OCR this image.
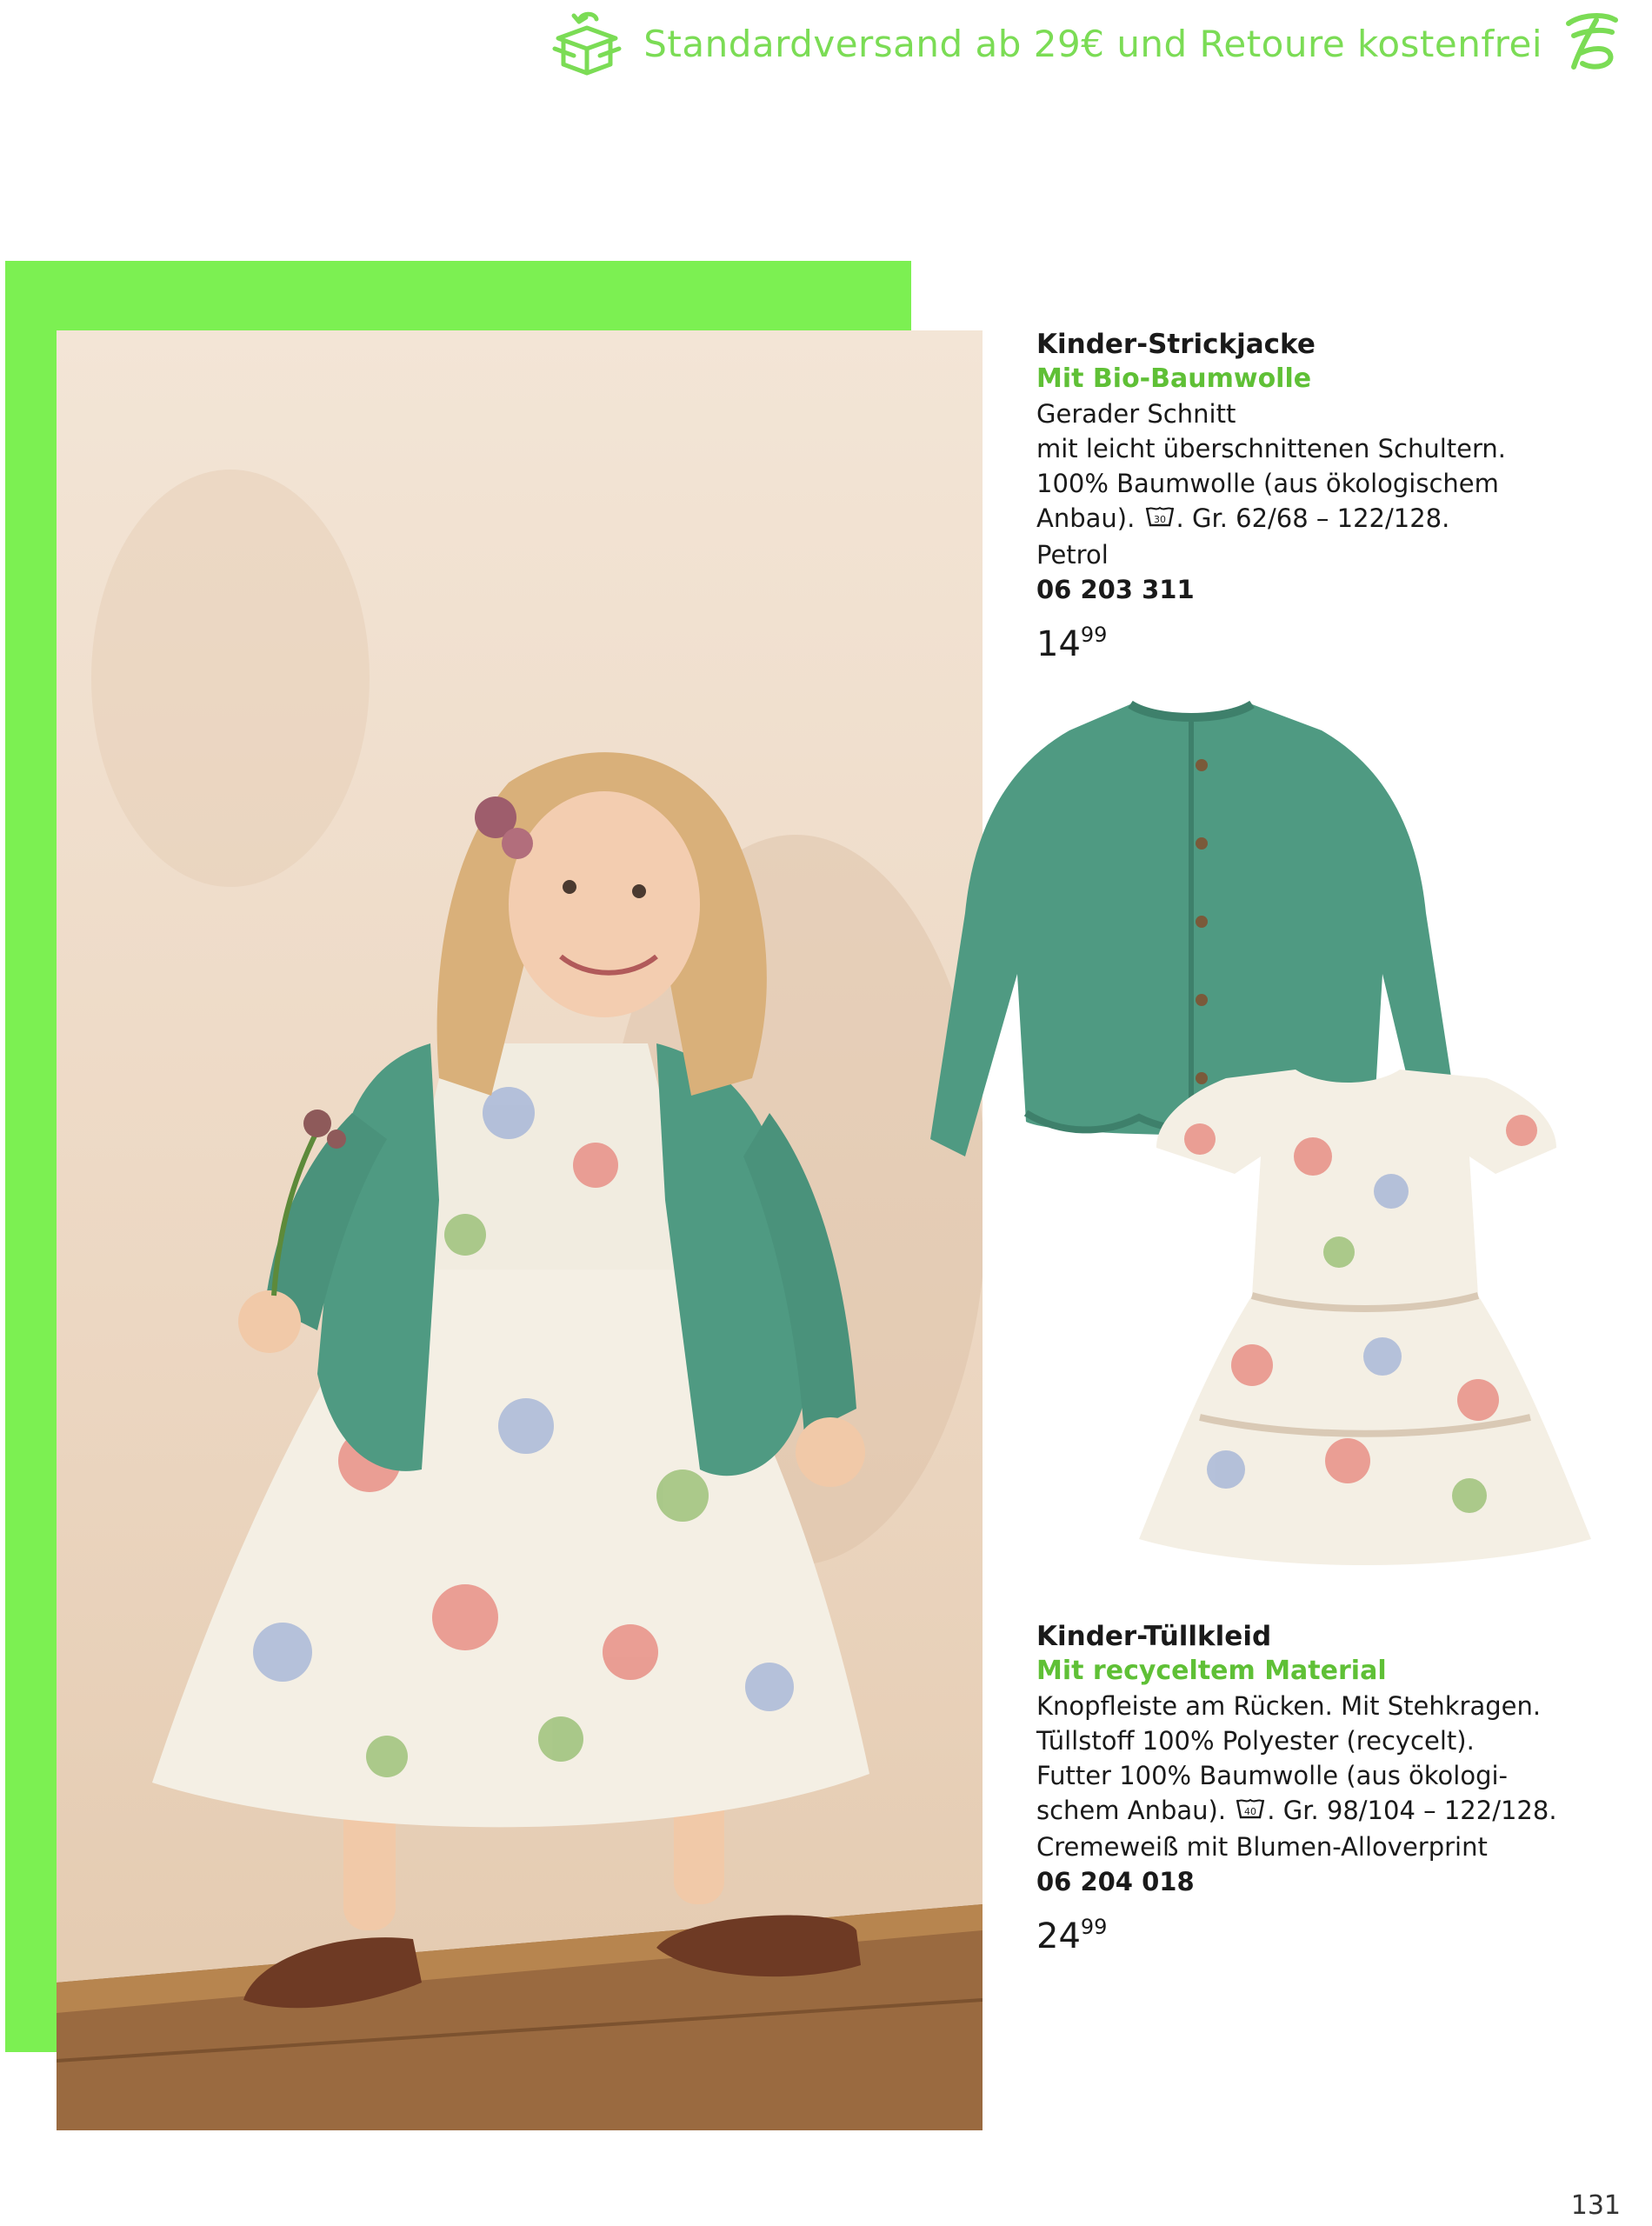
Standardversand ab 29€ und Retoure kostenfrei
Kinder-Strickjacke
Mit Bio-Baumwolle
Gerader Schnitt
mit leicht überschnittenen Schultern.
100% Baumwolle (aus ökologischem
Anbau). 30 . Gr. 62/68 – 122/128.
Petrol
06 203 311
$14^{99}$
Kinder-Tüllkleid
Mit recyceltem Material
Knopfleiste am Rücken. Mit Stehkragen.
Tüllstoff 100% Polyester (recycelt).
Futter 100% Baumwolle (aus ökologi-
schem Anbau). 40 . Gr. 98/104 – 122/128.
Cremeweiß mit Blumen-Alloverprint
06 204 018
$24^{99}$
131
